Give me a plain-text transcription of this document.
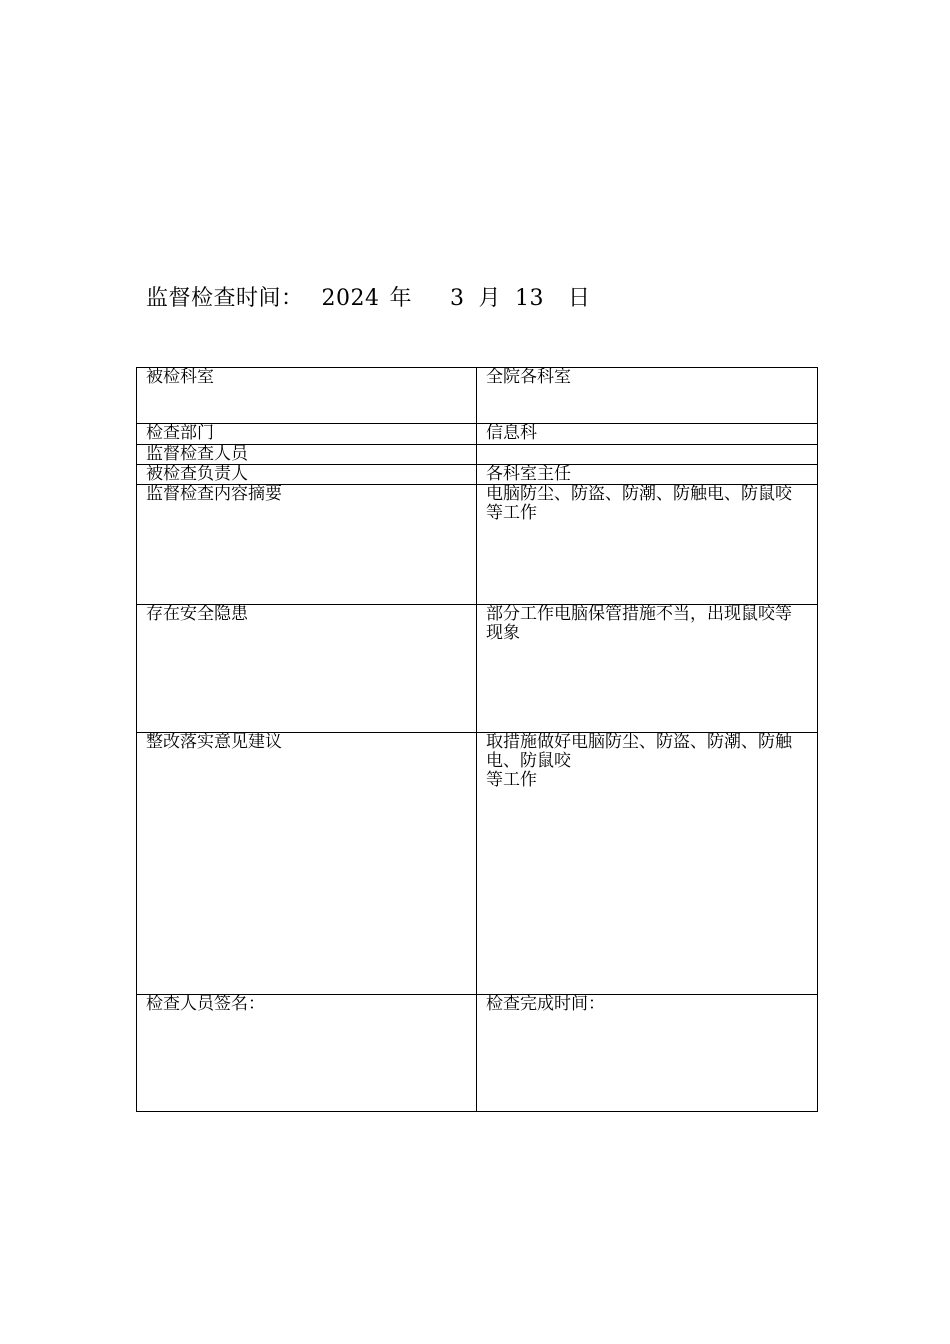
监督检查时间： 2024 年 3 月 13 日
被检科室	全院各科室

检查部门	信息科

监督检查人员	

被检查负责人	各科室主任

监督检查内容摘要	电脑防尘、防盗、防潮、防触电、防鼠咬
等工作

存在安全隐患	部分工作电脑保管措施不当，出现鼠咬等现象

整改落实意见建议	取措施做好电脑防尘、防盗、防潮、防触电、防鼠咬
等工作

检查人员签名：	检查完成时间：
